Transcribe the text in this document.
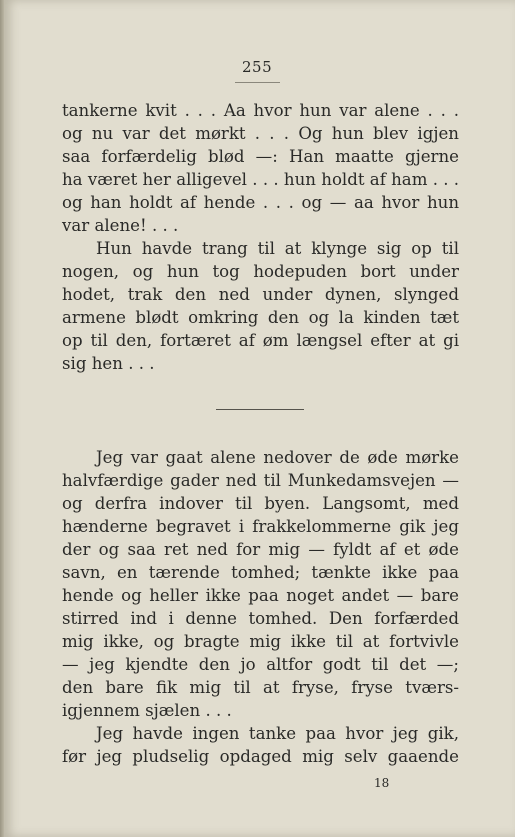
255
tankerne kvit . . . Aa hvor hun var alene . . .
og nu var det mørkt . . . Og hun blev igjen
saa forfærdelig blød —: Han maatte gjerne
ha været her alligevel . . . hun holdt af ham . . .
og han holdt af hende . . . og — aa hvor hun
var alene! . . .
Hun havde trang til at klynge sig op til
nogen, og hun tog hodepuden bort under
hodet, trak den ned under dynen, slynged
armene blødt omkring den og la kinden tæt
op til den, fortæret af øm længsel efter at gi
sig hen . . .
Jeg var gaat alene nedover de øde mørke
halvfærdige gader ned til Munkedamsvejen —
og derfra indover til byen. Langsomt, med
hænderne begravet i frakkelommerne gik jeg
der og saa ret ned for mig — fyldt af et øde
savn, en tærende tomhed; tænkte ikke paa
hende og heller ikke paa noget andet — bare
stirred ind i denne tomhed. Den forfærded
mig ikke, og bragte mig ikke til at fortvivle
— jeg kjendte den jo altfor godt til det —;
den bare fik mig til at fryse, fryse tværs-
igjennem sjælen . . .
Jeg havde ingen tanke paa hvor jeg gik,
før jeg pludselig opdaged mig selv gaaende
18
